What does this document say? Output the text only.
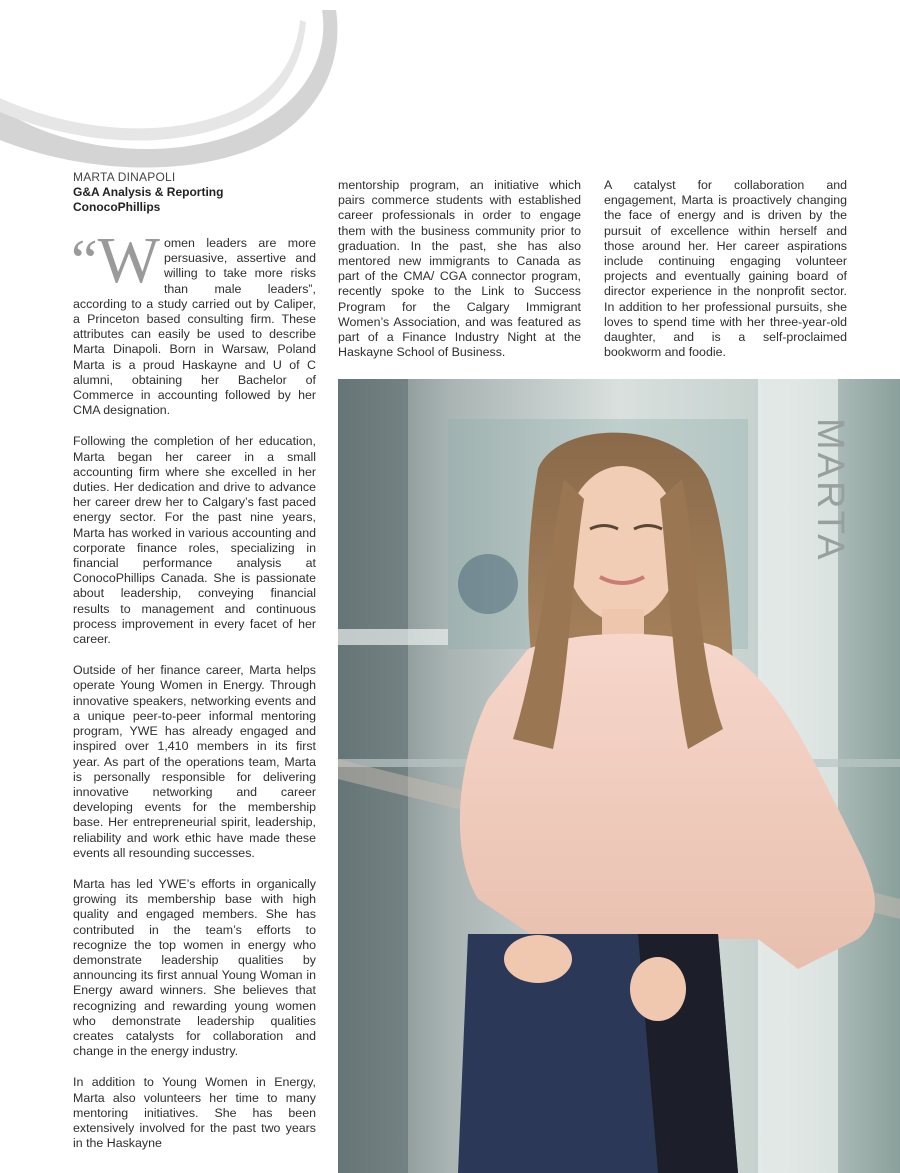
MARTA DINAPOLI
G&A Analysis & Reporting
ConocoPhillips

“W omen leaders are more persuasive, assertive and willing to take more risks than male leaders”, according to a study carried out by Caliper, a Princeton based consulting firm. These attributes can easily be used to describe Marta Dinapoli. Born in Warsaw, Poland Marta is a proud Haskayne and U of C alumni, obtaining her Bachelor of Commerce in accounting followed by her CMA designation.

Following the completion of her education, Marta began her career in a small accounting firm where she excelled in her duties. Her dedication and drive to advance her career drew her to Calgary’s fast paced energy sector. For the past nine years, Marta has worked in various accounting and corporate finance roles, specializing in financial performance analysis at ConocoPhillips Canada. She is passionate about leadership, conveying financial results to management and continuous process improvement in every facet of her career.

Outside of her finance career, Marta helps operate Young Women in Energy. Through innovative speakers, networking events and a unique peer-to-peer informal mentoring program, YWE has already engaged and inspired over 1,410 members in its first year. As part of the operations team, Marta is personally responsible for delivering innovative networking and career developing events for the membership base. Her entrepreneurial spirit, leadership, reliability and work ethic have made these events all resounding successes.

Marta has led YWE’s efforts in organically growing its membership base with high quality and engaged members. She has contributed in the team’s efforts to recognize the top women in energy who demonstrate leadership qualities by announcing its first annual Young Woman in Energy award winners. She believes that recognizing and rewarding young women who demonstrate leadership qualities creates catalysts for collaboration and change in the energy industry.

In addition to Young Women in Energy, Marta also volunteers her time to many mentoring initiatives. She has been extensively involved for the past two years in the Haskayne

mentorship program, an initiative which pairs commerce students with established career professionals in order to engage them with the business community prior to graduation. In the past, she has also mentored new immigrants to Canada as part of the CMA/ CGA connector program, recently spoke to the Link to Success Program for the Calgary Immigrant Women’s Association, and was featured as part of a Finance Industry Night at the Haskayne School of Business.

A catalyst for collaboration and engagement, Marta is proactively changing the face of energy and is driven by the pursuit of excellence within herself and those around her. Her career aspirations include continuing engaging volunteer projects and eventually gaining board of director experience in the nonprofit sector. In addition to her professional pursuits, she loves to spend time with her three-year-old daughter, and is a self-proclaimed bookworm and foodie.

MARTA
